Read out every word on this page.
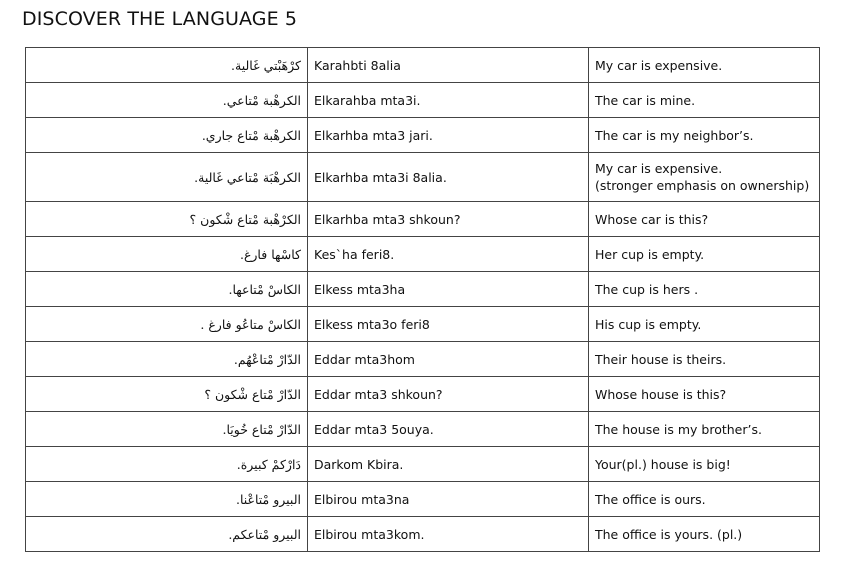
DISCOVER THE LANGUAGE 5
كرْهَبْتي غَالية.	Karahbti 8alia	My car is expensive.

الكرهْبة مْتاعي.	Elkarahba mta3i.	The car is mine.

الكرهْبة مْتاع جاري.	Elkarhba mta3 jari.	The car is my neighbor’s.

الكرهْبَة مْتاعي غَالية.	Elkarhba mta3i 8alia.	My car is expensive.
(stronger emphasis on ownership)

الكرْهْبة مْتاع شْكون ؟	Elkarhba mta3 shkoun?	Whose car is this?

كاسْها فارغ.	Kes`ha feri8.	Her cup is empty.

الكاسْ مْتاعها.	Elkess mta3ha	The cup is hers .

الكاسْ متاعُو فارغ .	Elkess mta3o feri8	His cup is empty.

الدّارْ مْتاعْهُم.	Eddar mta3hom	Their house is theirs.

الدّارْ مْتاع شْكون ؟	Eddar mta3 shkoun?	Whose house is this?

الدّارْ مْتاع خُويَا.	Eddar mta3 5ouya.	The house is my brother’s.

دَارْكمْ كبيرة.	Darkom Kbira.	Your(pl.) house is big!

البيرو مْتاعْنا.	Elbirou mta3na	The office is ours.

البيرو مْتاعكم.	Elbirou mta3kom.	The office is yours. (pl.)
